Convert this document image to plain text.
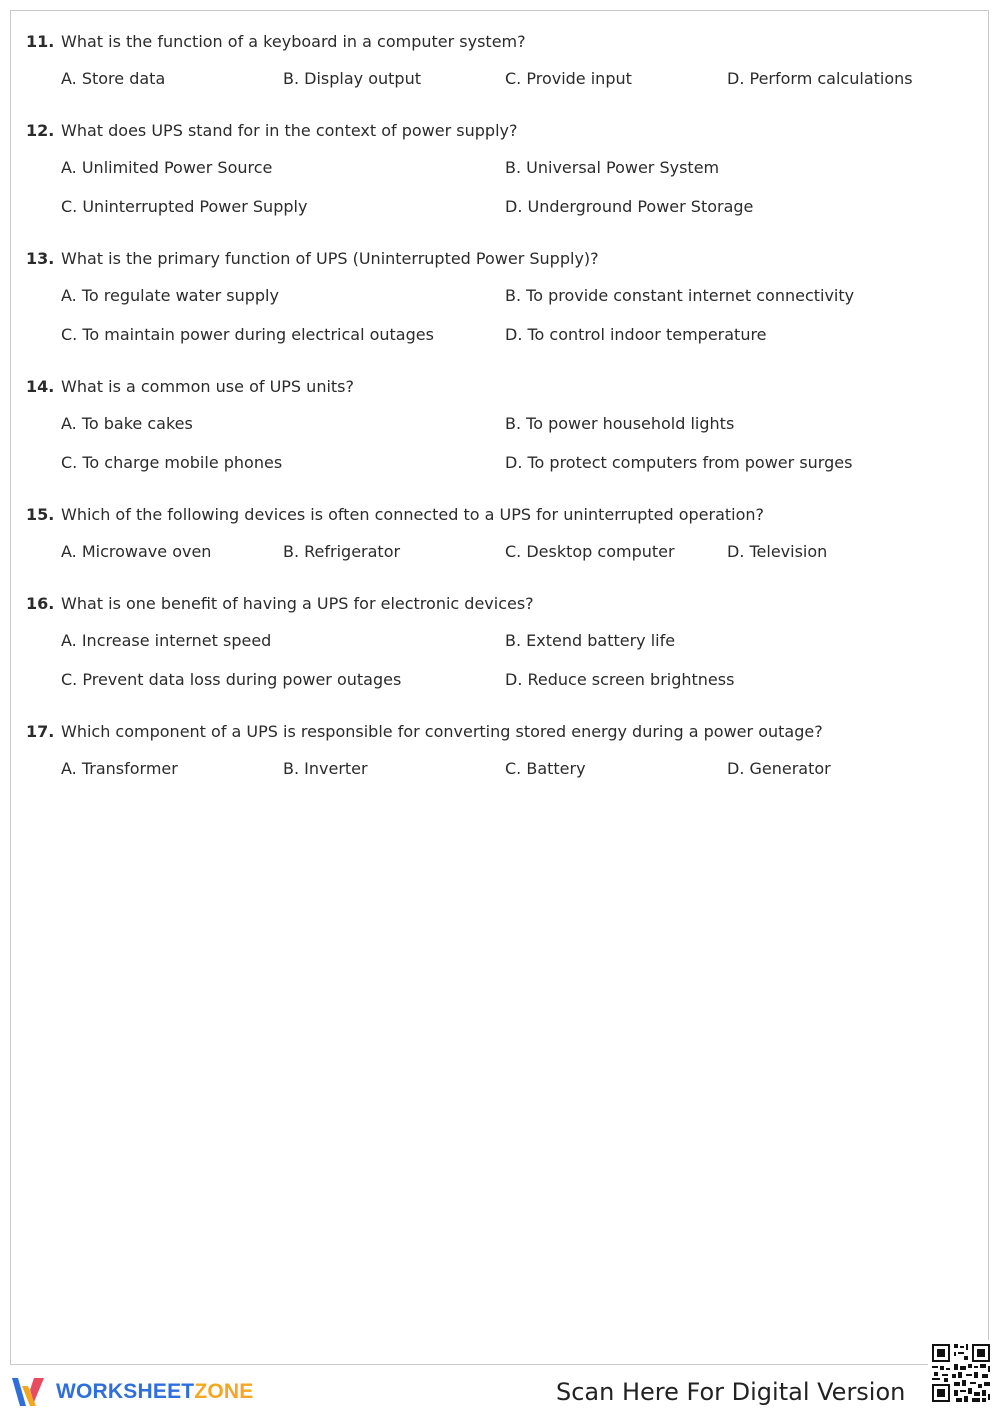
11. What is the function of a keyboard in a computer system?
A. Store data	B. Display output	C. Provide input	D. Perform calculations
12. What does UPS stand for in the context of power supply?
A. Unlimited Power Source	B. Universal Power System
C. Uninterrupted Power Supply	D. Underground Power Storage
13. What is the primary function of UPS (Uninterrupted Power Supply)?
A. To regulate water supply	B. To provide constant internet connectivity
C. To maintain power during electrical outages	D. To control indoor temperature
14. What is a common use of UPS units?
A. To bake cakes	B. To power household lights
C. To charge mobile phones	D. To protect computers from power surges
15. Which of the following devices is often connected to a UPS for uninterrupted operation?
A. Microwave oven	B. Refrigerator	C. Desktop computer	D. Television
16. What is one benefit of having a UPS for electronic devices?
A. Increase internet speed	B. Extend battery life
C. Prevent data loss during power outages	D. Reduce screen brightness
17. Which component of a UPS is responsible for converting stored energy during a power outage?
A. Transformer	B. Inverter	C. Battery	D. Generator
WORKSHEETZONE	Scan Here For Digital Version
